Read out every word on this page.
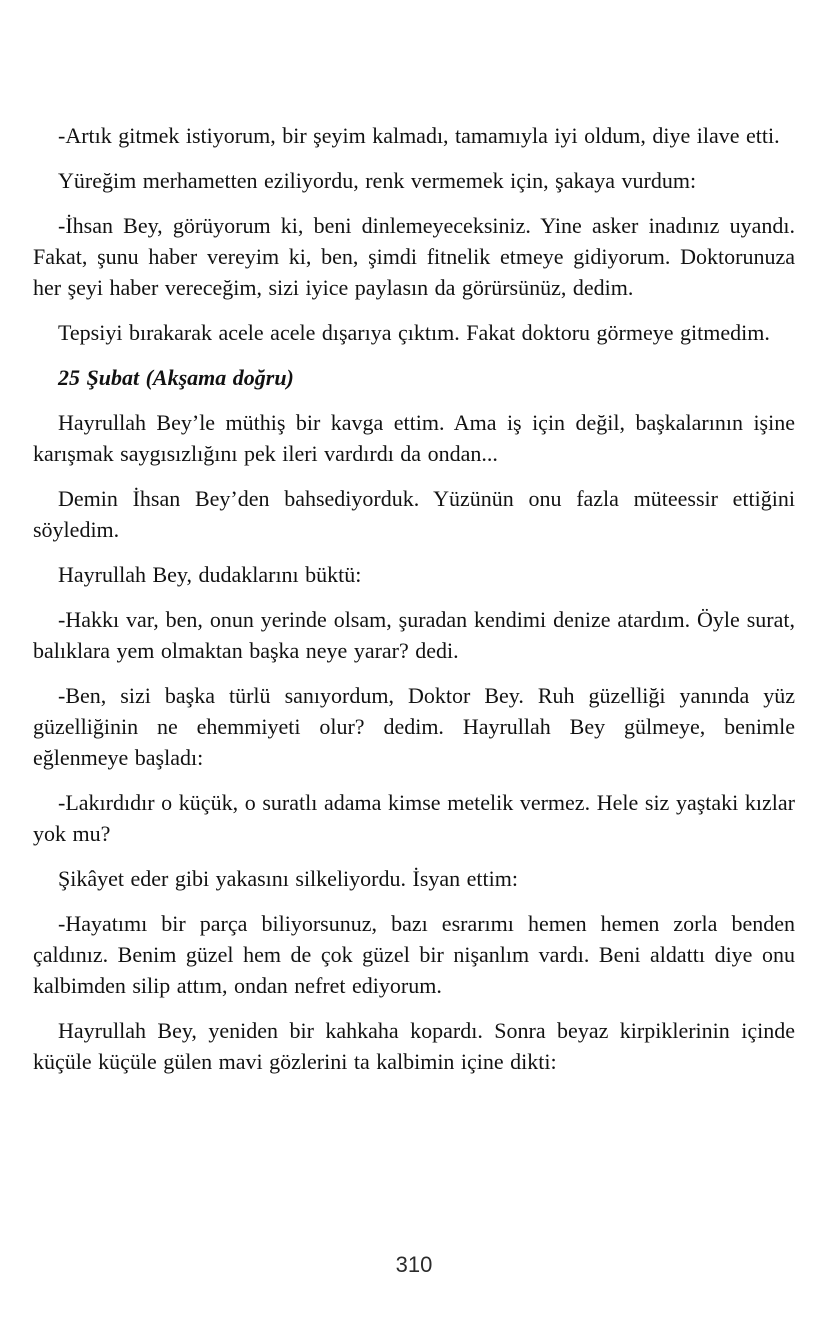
-Artık gitmek istiyorum, bir şeyim kalmadı, tamamıyla iyi oldum, diye ilave etti.

Yüreğim merhametten eziliyordu, renk vermemek için, şakaya vurdum:

-İhsan Bey, görüyorum ki, beni dinlemeyeceksiniz. Yine asker inadınız uyandı. Fakat, şunu haber vereyim ki, ben, şimdi fitnelik etmeye gidiyorum. Doktorunuza her şeyi haber vereceğim, sizi iyice paylasın da görürsünüz, dedim.

Tepsiyi bırakarak acele acele dışarıya çıktım. Fakat doktoru görmeye gitmedim.

25 Şubat (Akşama doğru)

Hayrullah Bey’le müthiş bir kavga ettim. Ama iş için değil, başkalarının işine karışmak saygısızlığını pek ileri vardırdı da ondan...

Demin İhsan Bey’den bahsediyorduk. Yüzünün onu fazla müteessir ettiğini söyledim.

Hayrullah Bey, dudaklarını büktü:

-Hakkı var, ben, onun yerinde olsam, şuradan kendimi denize atardım. Öyle surat, balıklara yem olmaktan başka neye yarar? dedi.

-Ben, sizi başka türlü sanıyordum, Doktor Bey. Ruh güzelliği yanında yüz güzelliğinin ne ehemmiyeti olur? dedim. Hayrullah Bey gülmeye, benimle eğlenmeye başladı:

-Lakırdıdır o küçük, o suratlı adama kimse metelik vermez. Hele siz yaştaki kızlar yok mu?

Şikâyet eder gibi yakasını silkeliyordu. İsyan ettim:

-Hayatımı bir parça biliyorsunuz, bazı esrarımı hemen hemen zorla benden çaldınız. Benim güzel hem de çok güzel bir nişanlım vardı. Beni aldattı diye onu kalbimden silip attım, ondan nefret ediyorum.

Hayrullah Bey, yeniden bir kahkaha kopardı. Sonra beyaz kirpiklerinin içinde küçüle küçüle gülen mavi gözlerini ta kalbimin içine dikti:

310
